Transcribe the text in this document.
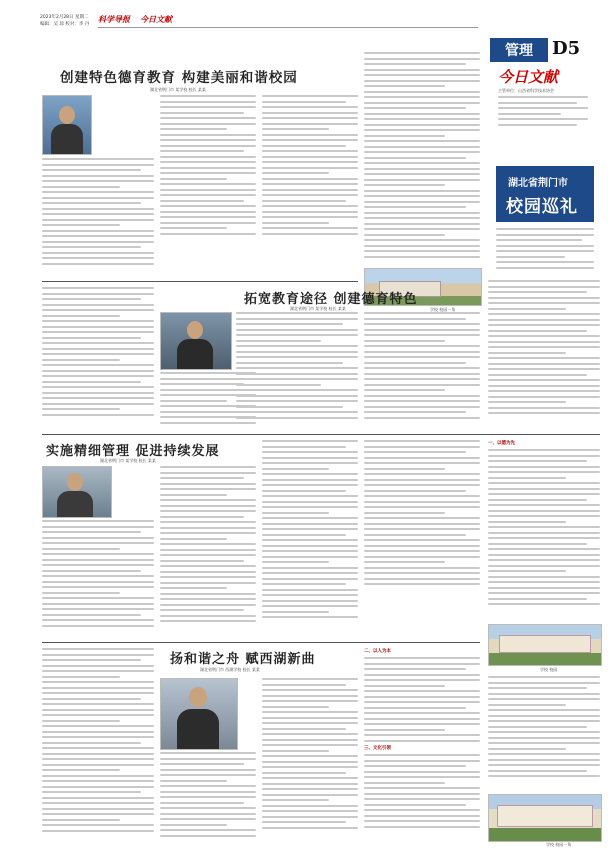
2023年2月28日 星期二
编辑：吴 琼 校对：李 丹
科学导报 今日文献
管理 D5
创建特色德育教育 构建美丽和谐校园
湖北省荆门市 某学校 校长 某某
学校 校园一角
今日文献
主管单位：山西省科学技术协会
湖北省荆门市
校园巡礼
拓宽教育途径 创建德育特色
湖北省荆门市 某学校 校长 某某
实施精细管理 促进持续发展
湖北省荆门市 某学校 校长 某某
一、以德为先
学校 校园
扬和谐之舟 赋西湖新曲
湖北省荆门市 西湖学校 校长 某某
二、以人为本
三、文化引领
学校 校园一角
